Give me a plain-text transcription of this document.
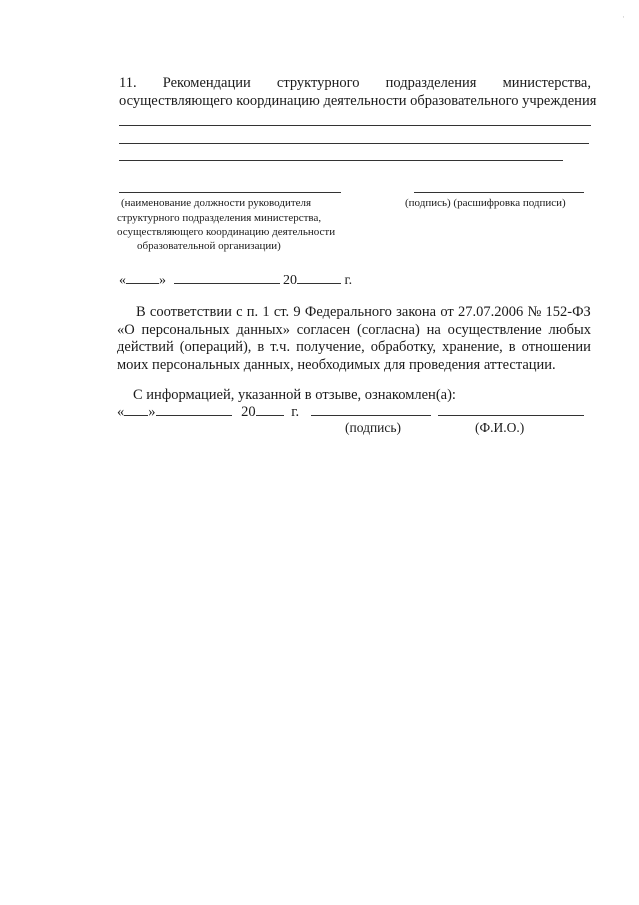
·
11. Рекомендации структурного подразделения министерства,
осуществляющего координацию деятельности образовательного учреждения
(наименование должности руководителя	(подпись) (расшифровка подписи)
структурного подразделения министерства,
осуществляющего координацию деятельности
образовательной организации)
« »	20	г.
В соответствии с п. 1 ст. 9 Федерального закона от 27.07.2006 № 152-ФЗ
«О персональных данных» согласен (согласна) на осуществление любых
действий (операций), в т.ч. получение, обработку, хранение, в отношении
моих персональных данных, необходимых для проведения аттестации.
С информацией, указанной в отзыве, ознакомлен(а):
« »	20 г.
(подпись)	(Ф.И.О.)
